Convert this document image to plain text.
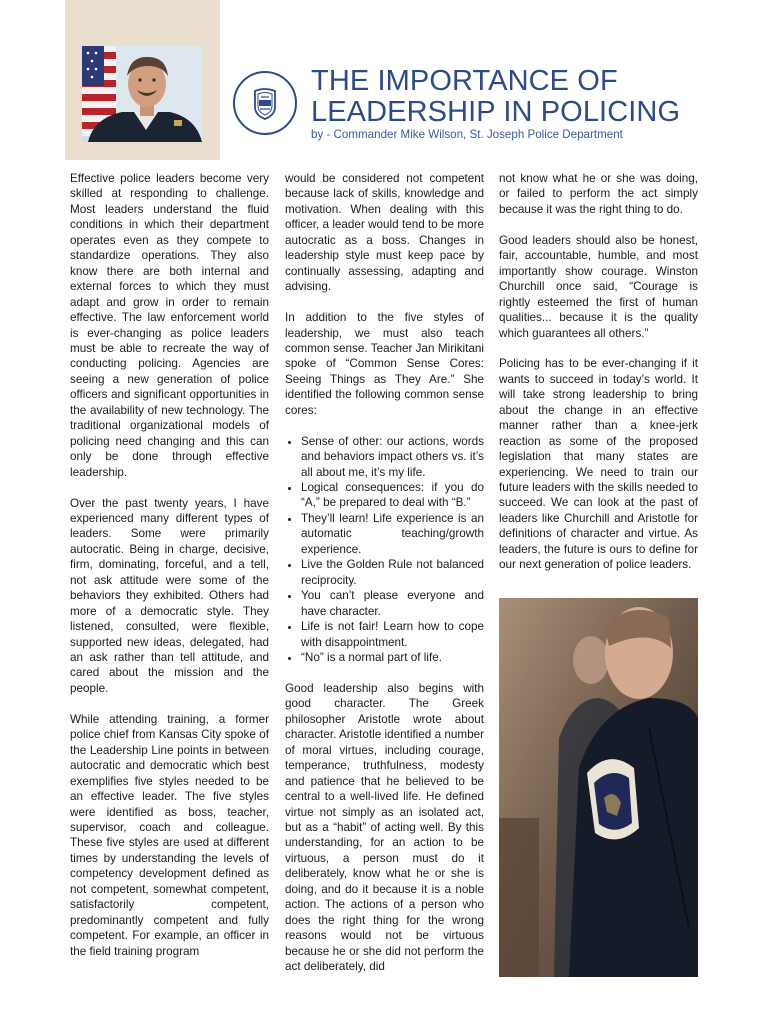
THE IMPORTANCE OF LEADERSHIP IN POLICING
by - Commander Mike Wilson, St. Joseph Police Department

Effective police leaders become very skilled at responding to challenge. Most leaders understand the fluid conditions in which their department operates even as they compete to standardize operations. They also know there are both internal and external forces to which they must adapt and grow in order to remain effective. The law enforcement world is ever-changing as police leaders must be able to recreate the way of conducting policing. Agencies are seeing a new generation of police officers and significant opportunities in the availability of new technology. The traditional organizational models of policing need changing and this can only be done through effective leadership.

Over the past twenty years, I have experienced many different types of leaders. Some were primarily autocratic. Being in charge, decisive, firm, dominating, forceful, and a tell, not ask attitude were some of the behaviors they exhibited. Others had more of a democratic style. They listened, consulted, were flexible, supported new ideas, delegated, had an ask rather than tell attitude, and cared about the mission and the people.

While attending training, a former police chief from Kansas City spoke of the Leadership Line points in between autocratic and democratic which best exemplifies five styles needed to be an effective leader. The five styles were identified as boss, teacher, supervisor, coach and colleague. These five styles are used at different times by understanding the levels of competency development defined as not competent, somewhat competent, satisfactorily competent, predominantly competent and fully competent. For example, an officer in the field training program

would be considered not competent because lack of skills, knowledge and motivation. When dealing with this officer, a leader would tend to be more autocratic as a boss. Changes in leadership style must keep pace by continually assessing, adapting and advising.

In addition to the five styles of leadership, we must also teach common sense. Teacher Jan Mirikitani spoke of “Common Sense Cores: Seeing Things as They Are.” She identified the following common sense cores:

• Sense of other: our actions, words and behaviors impact others vs. it’s all about me, it’s my life.
• Logical consequences: if you do “A,” be prepared to deal with “B.”
• They’ll learn! Life experience is an automatic teaching/growth experience.
• Live the Golden Rule not balanced reciprocity.
• You can’t please everyone and have character.
• Life is not fair! Learn how to cope with disappointment.
• “No” is a normal part of life.

Good leadership also begins with good character. The Greek philosopher Aristotle wrote about character. Aristotle identified a number of moral virtues, including courage, temperance, truthfulness, modesty and patience that he believed to be central to a well-lived life. He defined virtue not simply as an isolated act, but as a “habit” of acting well. By this understanding, for an action to be virtuous, a person must do it deliberately, know what he or she is doing, and do it because it is a noble action. The actions of a person who does the right thing for the wrong reasons would not be virtuous because he or she did not perform the act deliberately, did

not know what he or she was doing, or failed to perform the act simply because it was the right thing to do.

Good leaders should also be honest, fair, accountable, humble, and most importantly show courage. Winston Churchill once said, “Courage is rightly esteemed the first of human qualities... because it is the quality which guarantees all others.”

Policing has to be ever-changing if it wants to succeed in today’s world. It will take strong leadership to bring about the change in an effective manner rather than a knee-jerk reaction as some of the proposed legislation that many states are experiencing. We need to train our future leaders with the skills needed to succeed. We can look at the past of leaders like Churchill and Aristotle for definitions of character and virtue. As leaders, the future is ours to define for our next generation of police leaders.
